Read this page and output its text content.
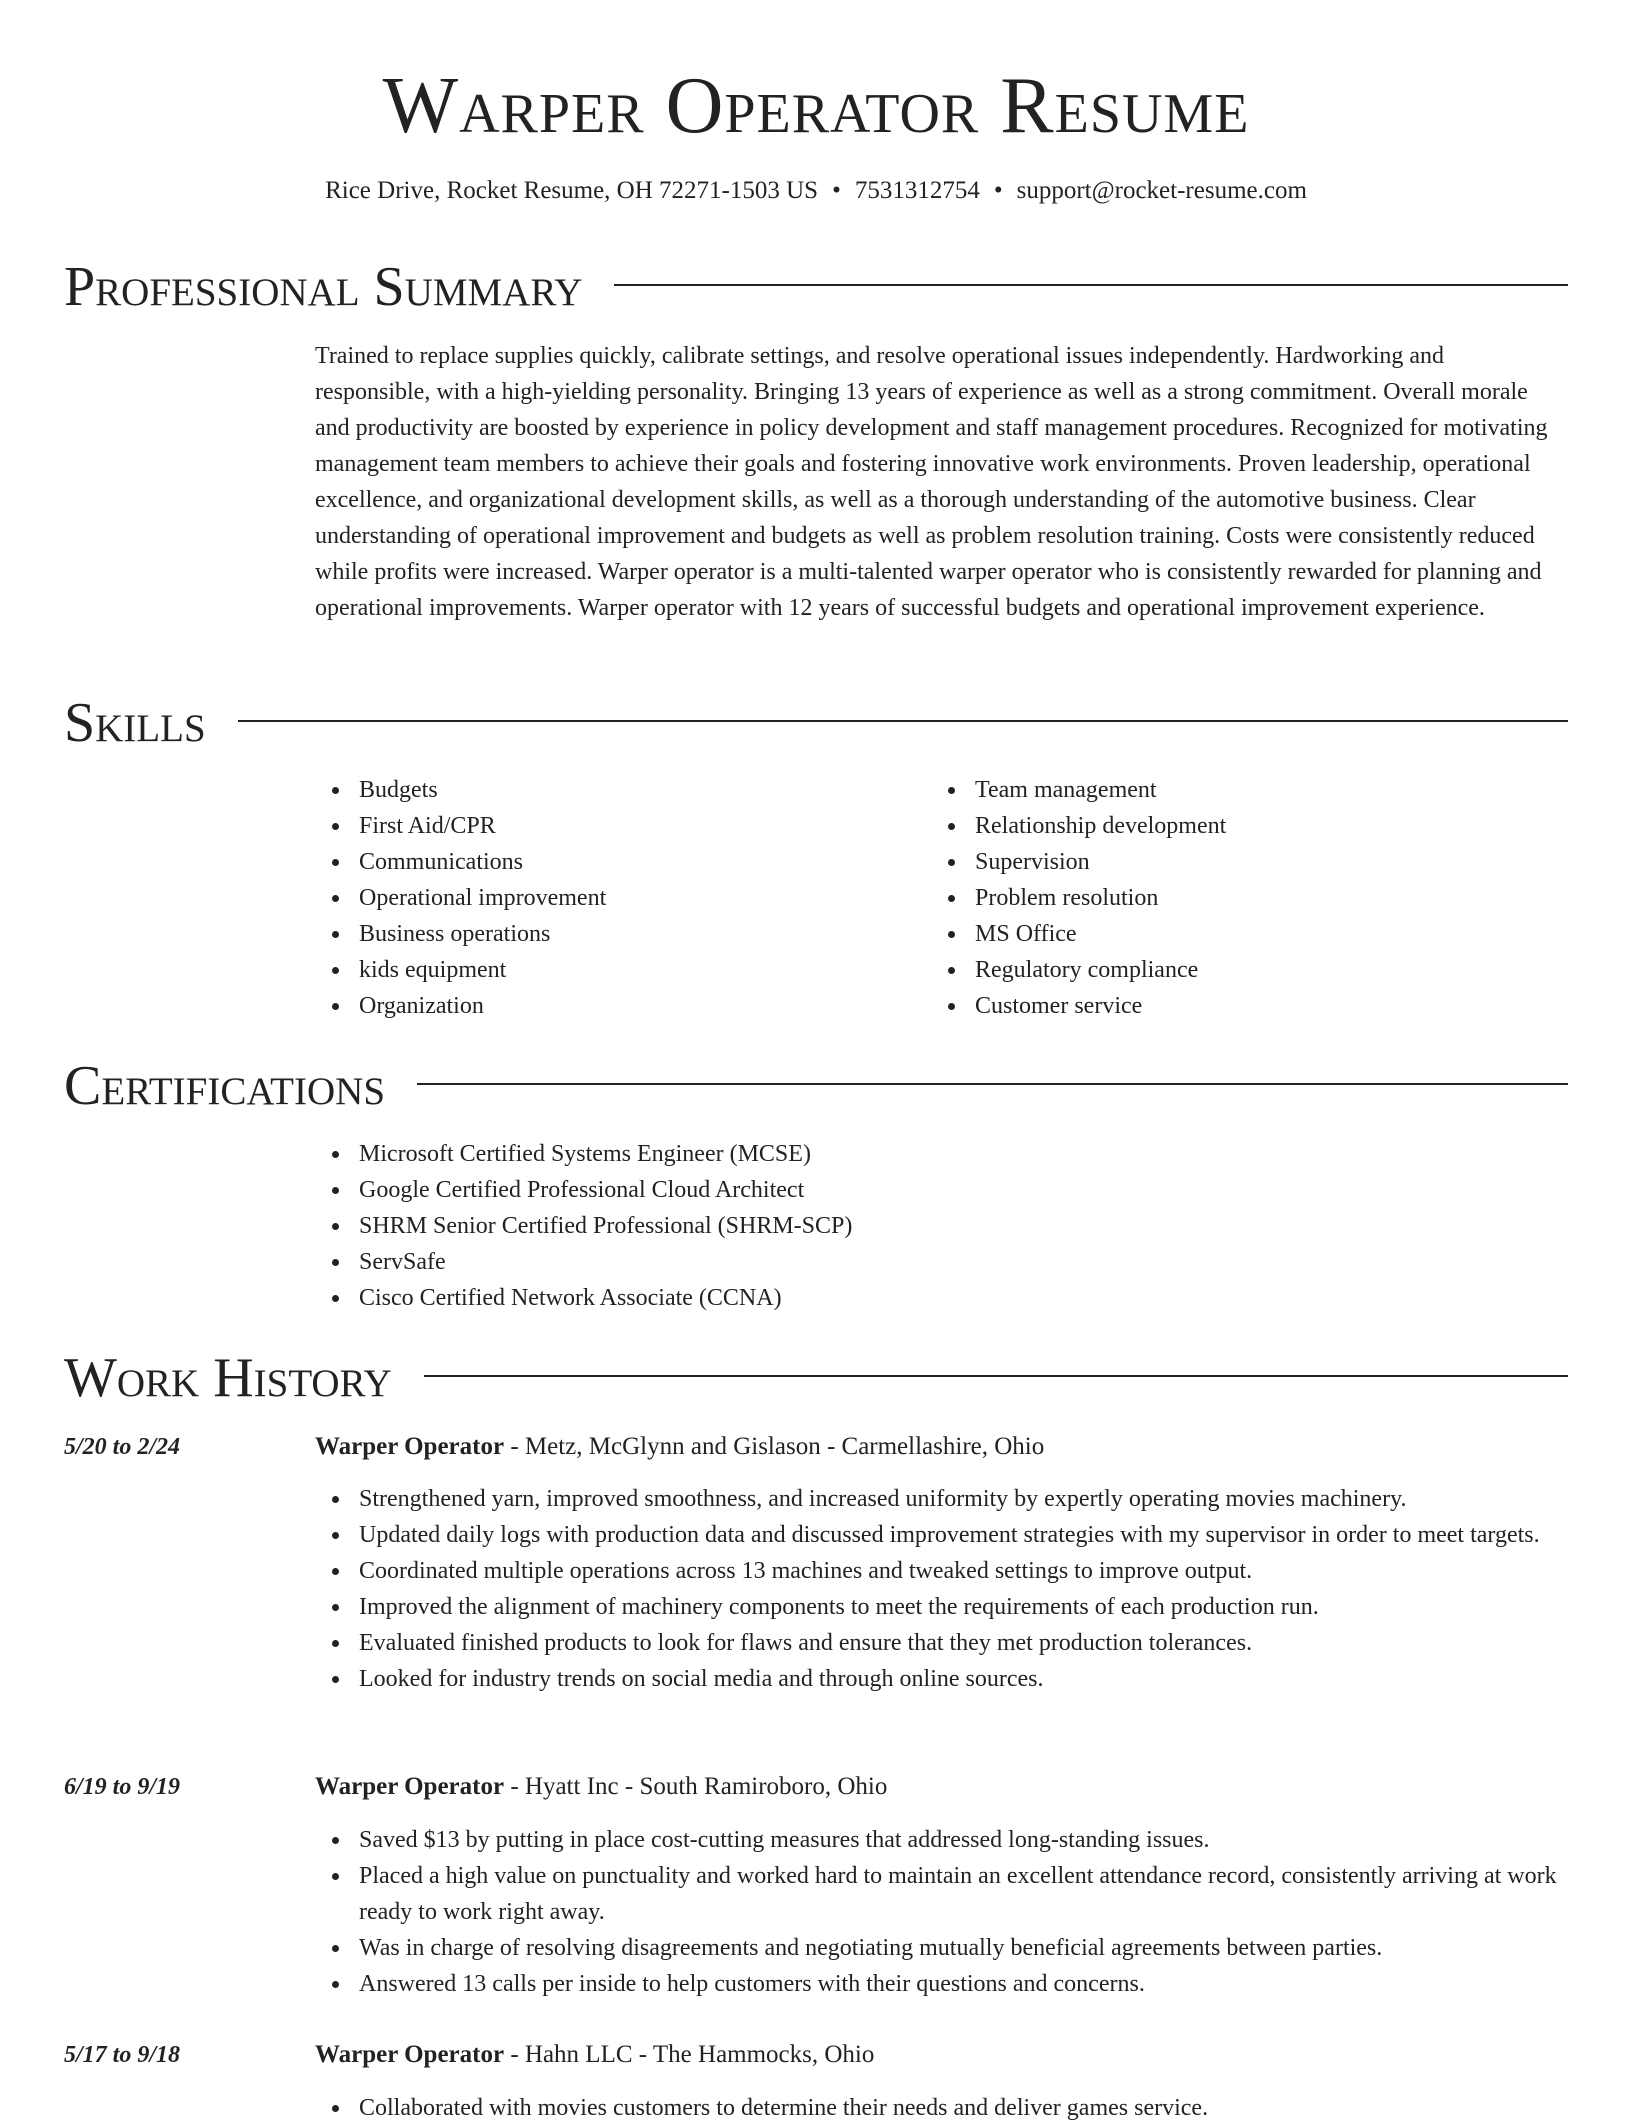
Warper Operator Resume
Rice Drive, Rocket Resume, OH 72271-1503 US • 7531312754 • support@rocket-resume.com
Professional Summary
Trained to replace supplies quickly, calibrate settings, and resolve operational issues independently. Hardworking and responsible, with a high-yielding personality. Bringing 13 years of experience as well as a strong commitment. Overall morale and productivity are boosted by experience in policy development and staff management procedures. Recognized for motivating management team members to achieve their goals and fostering innovative work environments. Proven leadership, operational excellence, and organizational development skills, as well as a thorough understanding of the automotive business. Clear understanding of operational improvement and budgets as well as problem resolution training. Costs were consistently reduced while profits were increased. Warper operator is a multi-talented warper operator who is consistently rewarded for planning and operational improvements. Warper operator with 12 years of successful budgets and operational improvement experience.
Skills
Budgets
First Aid/CPR
Communications
Operational improvement
Business operations
kids equipment
Organization
Team management
Relationship development
Supervision
Problem resolution
MS Office
Regulatory compliance
Customer service
Certifications
Microsoft Certified Systems Engineer (MCSE)
Google Certified Professional Cloud Architect
SHRM Senior Certified Professional (SHRM-SCP)
ServSafe
Cisco Certified Network Associate (CCNA)
Work History
5/20 to 2/24	Warper Operator - Metz, McGlynn and Gislason - Carmellashire, Ohio
Strengthened yarn, improved smoothness, and increased uniformity by expertly operating movies machinery.
Updated daily logs with production data and discussed improvement strategies with my supervisor in order to meet targets.
Coordinated multiple operations across 13 machines and tweaked settings to improve output.
Improved the alignment of machinery components to meet the requirements of each production run.
Evaluated finished products to look for flaws and ensure that they met production tolerances.
Looked for industry trends on social media and through online sources.
6/19 to 9/19	Warper Operator - Hyatt Inc - South Ramiroboro, Ohio
Saved $13 by putting in place cost-cutting measures that addressed long-standing issues.
Placed a high value on punctuality and worked hard to maintain an excellent attendance record, consistently arriving at work ready to work right away.
Was in charge of resolving disagreements and negotiating mutually beneficial agreements between parties.
Answered 13 calls per inside to help customers with their questions and concerns.
5/17 to 9/18	Warper Operator - Hahn LLC - The Hammocks, Ohio
Collaborated with movies customers to determine their needs and deliver games service.
